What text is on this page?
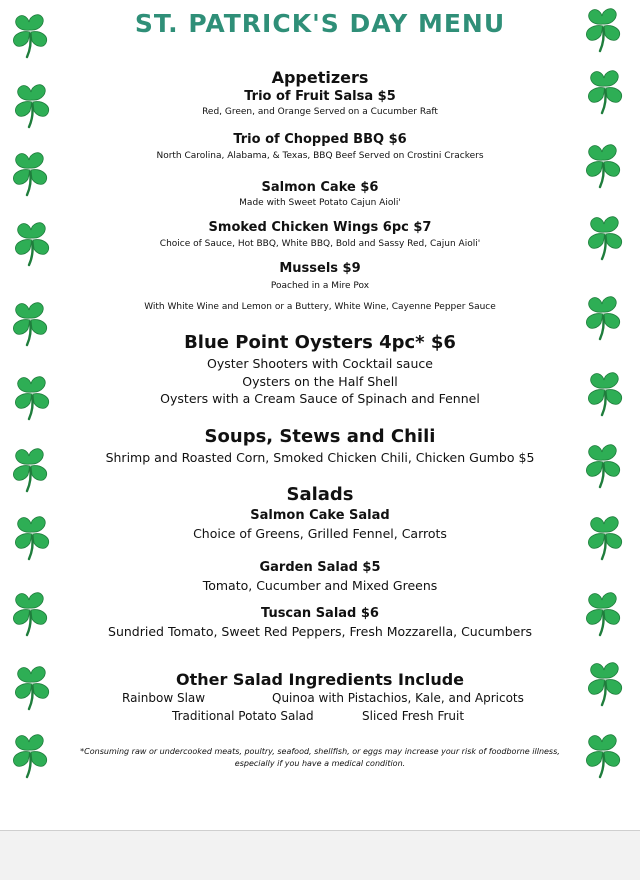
ST. PATRICK'S DAY MENU
Appetizers
Trio of Fruit Salsa $5
Red, Green, and Orange Served on a Cucumber Raft
Trio of Chopped BBQ $6
North Carolina, Alabama, & Texas, BBQ Beef Served on Crostini Crackers
Salmon Cake $6
Made with Sweet Potato Cajun Aioli'
Smoked Chicken Wings 6pc $7
Choice of Sauce, Hot BBQ, White BBQ, Bold and Sassy Red, Cajun Aioli'
Mussels $9
Poached in a Mire Pox
With White Wine and Lemon or a Buttery, White Wine, Cayenne Pepper Sauce
Blue Point Oysters 4pc* $6
Oyster Shooters with Cocktail sauce
Oysters on the Half Shell
Oysters with a Cream Sauce of Spinach and Fennel
Soups, Stews and Chili
Shrimp and Roasted Corn, Smoked Chicken Chili, Chicken Gumbo $5
Salads
Salmon Cake Salad
Choice of Greens, Grilled Fennel, Carrots
Garden Salad $5
Tomato, Cucumber and Mixed Greens
Tuscan Salad $6
Sundried Tomato, Sweet Red Peppers, Fresh Mozzarella, Cucumbers
Other Salad Ingredients Include
Rainbow Slaw	Quinoa with Pistachios, Kale, and Apricots
Traditional Potato Salad	Sliced Fresh Fruit
*Consuming raw or undercooked meats, poultry, seafood, shellfish, or eggs may increase your risk of foodborne illness,
especially if you have a medical condition.
